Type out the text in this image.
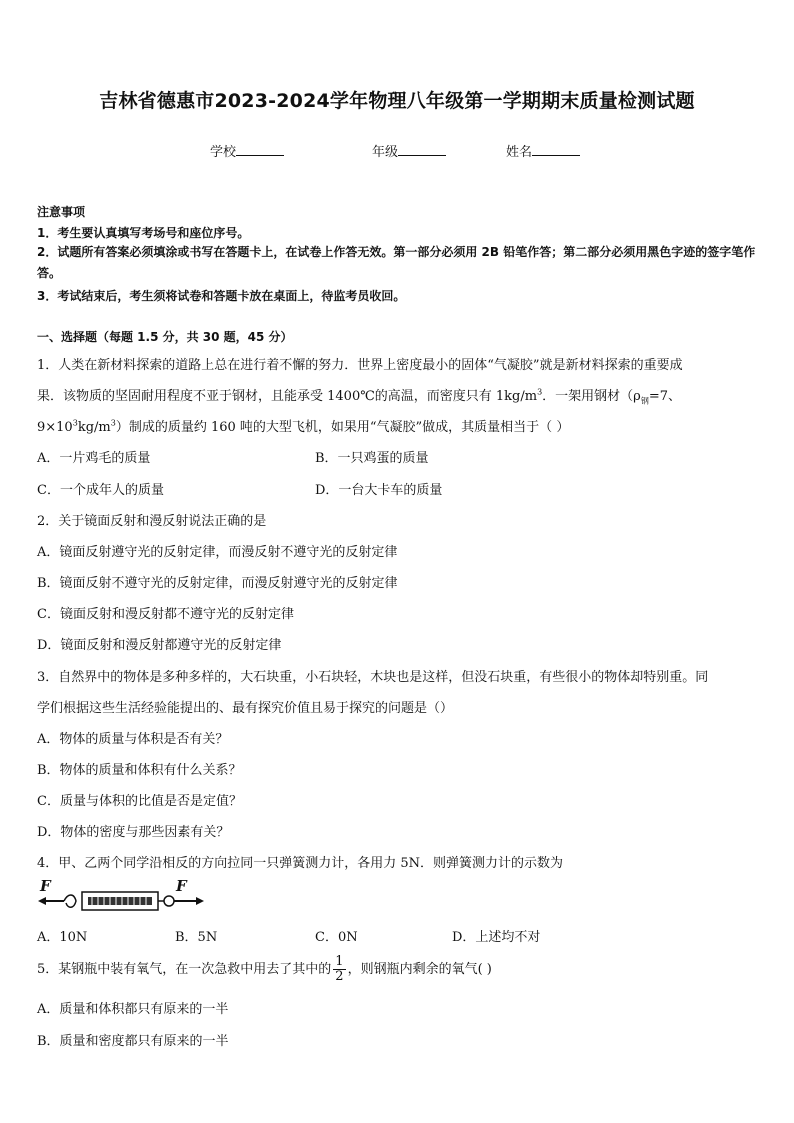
吉林省德惠市2023-2024学年物理八年级第一学期期末质量检测试题
学校	年级	姓名
注意事项
1．考生要认真填写考场号和座位序号。
2．试题所有答案必须填涂或书写在答题卡上，在试卷上作答无效。第一部分必须用 2B 铅笔作答；第二部分必须用黑色字迹的签字笔作答。
3．考试结束后，考生须将试卷和答题卡放在桌面上，待监考员收回。
一、选择题（每题 1.5 分，共 30 题，45 分）
1．人类在新材料探索的道路上总在进行着不懈的努力．世界上密度最小的固体“气凝胶”就是新材料探索的重要成
果．该物质的坚固耐用程度不亚于钢材，且能承受 1400℃的高温，而密度只有 $1kg/m^3$．一架用钢材（$\rho_钢=7$、
$9\times 10^3kg/m^3$）制成的质量约 160 吨的大型飞机，如果用“气凝胶”做成，其质量相当于（ ）
A．一片鸡毛的质量	B．一只鸡蛋的质量
C．一个成年人的质量	D．一台大卡车的质量
2．关于镜面反射和漫反射说法正确的是
A．镜面反射遵守光的反射定律，而漫反射不遵守光的反射定律
B．镜面反射不遵守光的反射定律，而漫反射遵守光的反射定律
C．镜面反射和漫反射都不遵守光的反射定律
D．镜面反射和漫反射都遵守光的反射定律
3．自然界中的物体是多种多样的，大石块重，小石块轻，木块也是这样，但没石块重，有些很小的物体却特别重。同
学们根据这些生活经验能提出的、最有探究价值且易于探究的问题是（）
A．物体的质量与体积是否有关？
B．物体的质量和体积有什么关系？
C．质量与体积的比值是否是定值？
D．物体的密度与那些因素有关？
4．甲、乙两个同学沿相反的方向拉同一只弹簧测力计，各用力 5N．则弹簧测力计的示数为
F	F
A．10N	B．5N	C．0N	D．上述均不对
5．某钢瓶中装有氧气，在一次急救中用去了其中的 $\frac{1}{2}$ ，则钢瓶内剩余的氧气( )
A．质量和体积都只有原来的一半
B．质量和密度都只有原来的一半
